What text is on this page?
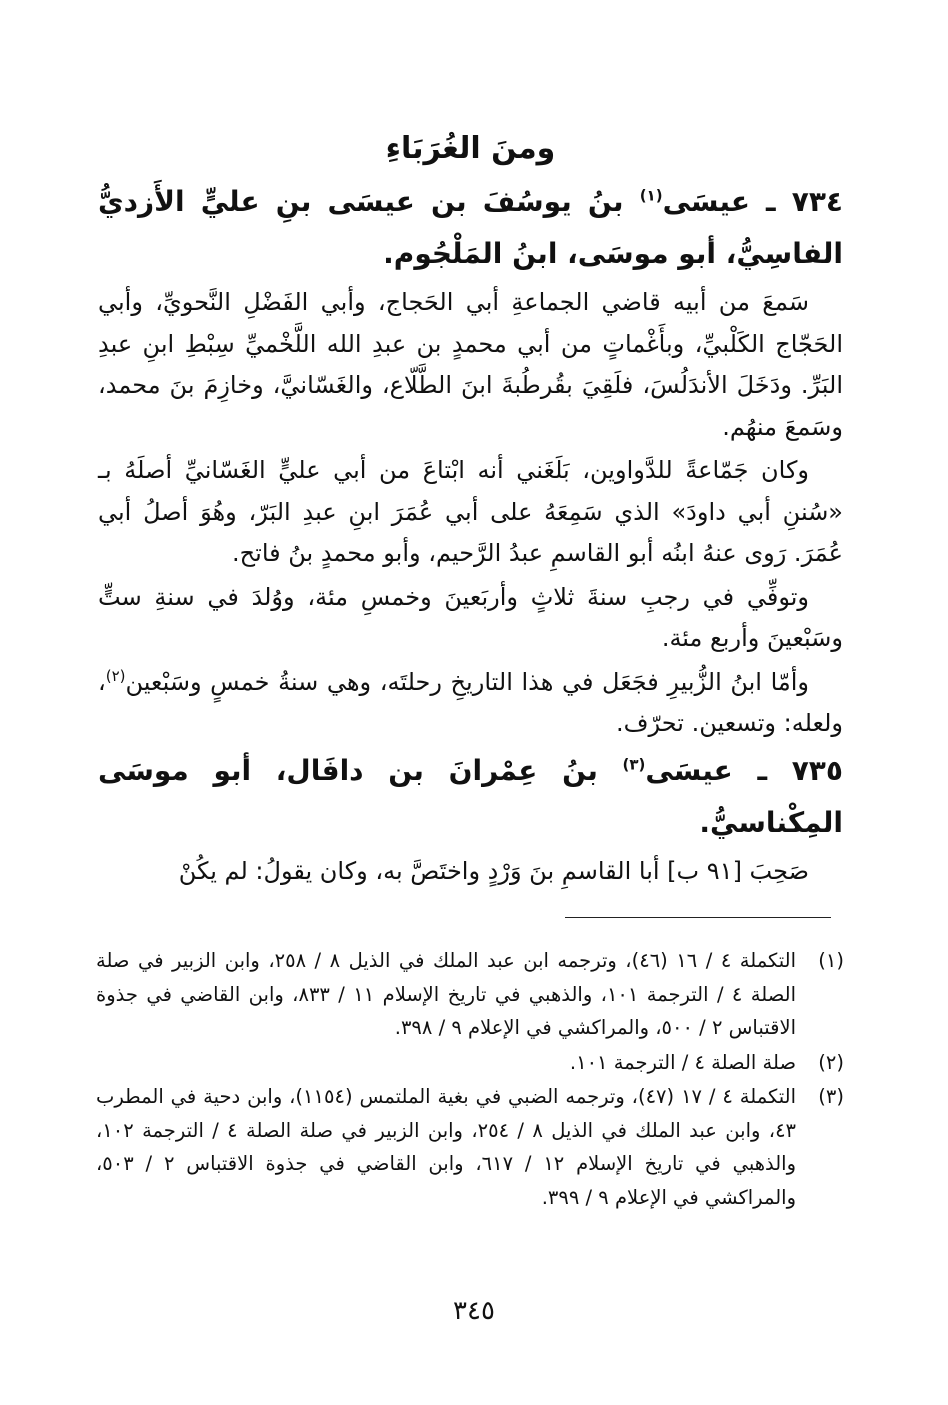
ومنَ الغُرَبَاءِ
٧٣٤ ـ عيسَى$^{(١)}$ بنُ يوسُفَ بن عيسَى بنِ عليٍّ الأَزديُّ الفاسِيُّ، أبو موسَى، ابنُ المَلْجُوم.

سَمعَ من أبيه قاضي الجماعةِ أبي الحَجاج، وأبي الفَضْلِ النَّحويِّ، وأبي الحَجّاج الكَلْبيِّ، وبأَغْماتٍ من أبي محمدٍ بن عبدِ الله اللَّخْميِّ سِبْطِ ابنِ عبدِ البَرِّ. ودَخَلَ الأندَلُسَ، فلَقِيَ بقُرطُبةَ ابنَ الطَّلّاع، والغَسّانيَّ، وخازِمَ بنَ محمد، وسَمعَ منهُم.

وكان جَمّاعةً للدَّواوين، بَلَغَني أنه ابْتاعَ من أبي عليٍّ الغَسّانيِّ أصلَهُ بـ «سُننِ أبي داودَ» الذي سَمِعَهُ على أبي عُمَرَ ابنِ عبدِ البَرّ، وهُوَ أصلُ أبي عُمَرَ. رَوى عنهُ ابنُه أبو القاسمِ عبدُ الرَّحيم، وأبو محمدٍ بنُ فاتح.

وتوفِّي في رجبِ سنةَ ثلاثٍ وأربَعينَ وخمسِ مئة، ووُلدَ في سنةِ ستٍّ وسَبْعينَ وأربع مئة.

وأمّا ابنُ الزُّبيرِ فجَعَل في هذا التاريخِ رحلتَه، وهي سنةُ خمسٍ وسَبْعين$^{(٢)}$، ولعله: وتسعين. تحرّف.

٧٣٥ ـ عيسَى$^{(٣)}$ بنُ عِمْرانَ بن دافَال، أبو موسَى المِكْناسيُّ.

صَحِبَ [٩١ ب] أبا القاسمِ بنَ وَرْدٍ واختَصَّ به، وكان يقولُ: لم يكُنْ

(١)
التكملة ٤ / ١٦ (٤٦)، وترجمه ابن عبد الملك في الذيل ٨ / ٢٥٨، وابن الزبير في صلة الصلة ٤ / الترجمة ١٠١، والذهبي في تاريخ الإسلام ١١ / ٨٣٣، وابن القاضي في جذوة الاقتباس ٢ / ٥٠٠، والمراكشي في الإعلام ٩ / ٣٩٨.
(٢)
صلة الصلة ٤ / الترجمة ١٠١.
(٣)
التكملة ٤ / ١٧ (٤٧)، وترجمه الضبي في بغية الملتمس (١١٥٤)، وابن دحية في المطرب ٤٣، وابن عبد الملك في الذيل ٨ / ٢٥٤، وابن الزبير في صلة الصلة ٤ / الترجمة ١٠٢، والذهبي في تاريخ الإسلام ١٢ / ٦١٧، وابن القاضي في جذوة الاقتباس ٢ / ٥٠٣، والمراكشي في الإعلام ٩ / ٣٩٩.
٣٤٥
